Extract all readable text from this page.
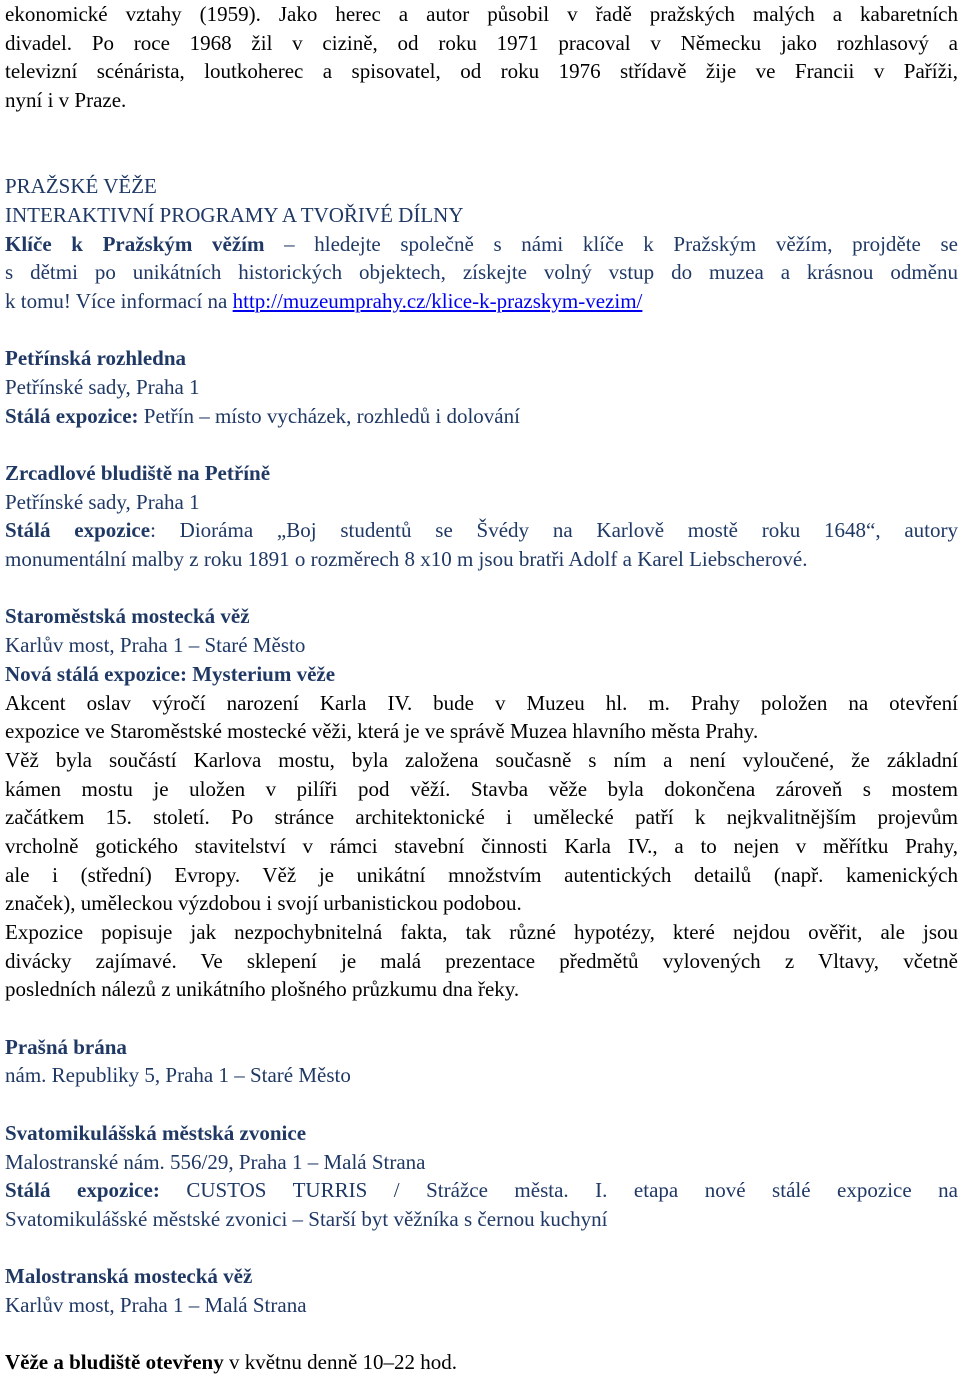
ekonomické vztahy (1959). Jako herec a autor působil v řadě pražských malých a kabaretních
divadel. Po roce 1968 žil v cizině, od roku 1971 pracoval v Německu jako rozhlasový a
televizní scénárista, loutkoherec a spisovatel, od roku 1976 střídavě žije ve Francii v Paříži,
nyní i v Praze.
PRAŽSKÉ VĚŽE
INTERAKTIVNÍ PROGRAMY A TVOŘIVÉ DÍLNY
Klíče k Pražským věžím – hledejte společně s námi klíče k Pražským věžím, projděte se
s dětmi po unikátních historických objektech, získejte volný vstup do muzea a krásnou odměnu
k tomu! Více informací na http://muzeumprahy.cz/klice-k-prazskym-vezim/
Petřínská rozhledna
Petřínské sady, Praha 1
Stálá expozice: Petřín – místo vycházek, rozhledů i dolování
Zrcadlové bludiště na Petříně
Petřínské sady, Praha 1
Stálá expozice: Dioráma „Boj studentů se Švédy na Karlově mostě roku 1648“, autory
monumentální malby z roku 1891 o rozměrech 8 x10 m jsou bratři Adolf a Karel Liebscherové.
Staroměstská mostecká věž
Karlův most, Praha 1 – Staré Město
Nová stálá expozice: Mysterium věže
Akcent oslav výročí narození Karla IV. bude v Muzeu hl. m. Prahy položen na otevření
expozice ve Staroměstské mostecké věži, která je ve správě Muzea hlavního města Prahy.
Věž byla součástí Karlova mostu, byla založena současně s ním a není vyloučené, že základní
kámen mostu je uložen v pilíři pod věží. Stavba věže byla dokončena zároveň s mostem
začátkem 15. století. Po stránce architektonické i umělecké patří k nejkvalitnějším projevům
vrcholně gotického stavitelství v rámci stavební činnosti Karla IV., a to nejen v měřítku Prahy,
ale i (střední) Evropy. Věž je unikátní množstvím autentických detailů (např. kamenických
značek), uměleckou výzdobou i svojí urbanistickou podobou.
Expozice popisuje jak nezpochybnitelná fakta, tak různé hypotézy, které nejdou ověřit, ale jsou
divácky zajímavé. Ve sklepení je malá prezentace předmětů vylovených z Vltavy, včetně
posledních nálezů z unikátního plošného průzkumu dna řeky.
Prašná brána
nám. Republiky 5, Praha 1 – Staré Město
Svatomikulášská městská zvonice
Malostranské nám. 556/29, Praha 1 – Malá Strana
Stálá expozice: CUSTOS TURRIS / Strážce města. I. etapa nové stálé expozice na
Svatomikulášské městské zvonici – Starší byt věžníka s černou kuchyní
Malostranská mostecká věž
Karlův most, Praha 1 – Malá Strana
Věže a bludiště otevřeny v květnu denně 10–22 hod.
